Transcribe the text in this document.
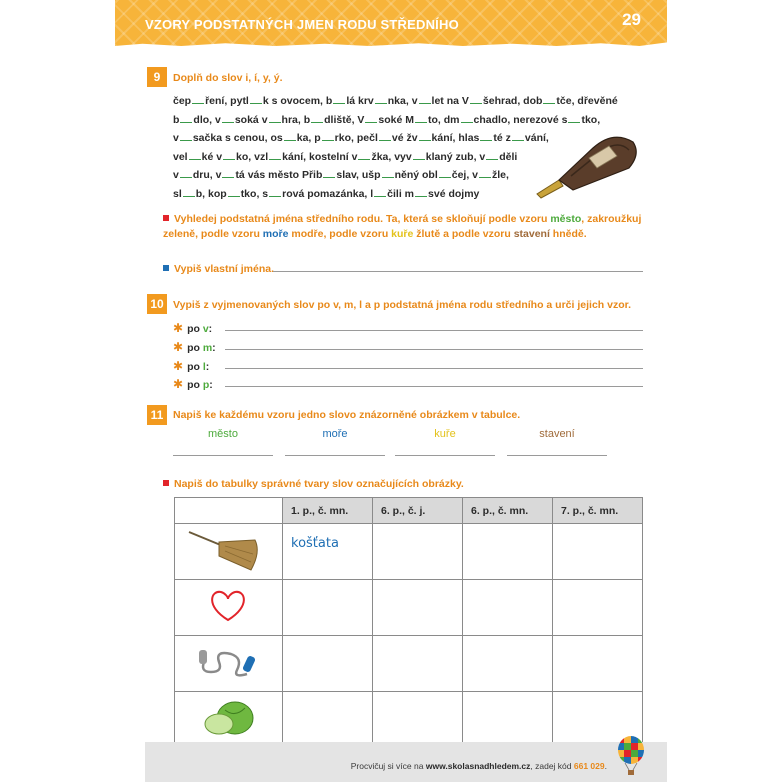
VZORY PODSTATNÝCH JMEN RODU STŘEDNÍHO	29
9	Doplň do slov i, í, y, ý.
čep ření, pytl k s ovocem, b lá krv nka, v let na V šehrad, dob tče, dřevěné
b dlo, v soká v hra, b dliště, V soké M to, dm chadlo, nerezové s tko,
v sačka s cenou, os ka, p rko, pečl vé žv kání, hlas té z vání,
vel ké v ko, vzl kání, kostelní v žka, vyv klaný zub, v děli
v dru, v tá vás město Přib slav, ušp něný obl čej, v žle,
sl b, kop tko, s rová pomazánka, l čili m své dojmy
Vyhledej podstatná jména středního rodu. Ta, která se skloňují podle vzoru město, zakroužkuj zeleně, podle vzoru moře modře, podle vzoru kuře žlutě a podle vzoru stavení hnědě.
Vypiš vlastní jména.
10 Vypiš z vyjmenovaných slov po v, m, l a p podstatná jména rodu středního a urči jejich vzor.
✱ po v:
✱ po m:
✱ po l:
✱ po p:
11 Napiš ke každému vzoru jedno slovo znázorněné obrázkem v tabulce.
město	moře	kuře	stavení
Napiš do tabulky správné tvary slov označujících obrázky.
	1. p., č. mn.	6. p., č. j.	6. p., č. mn.	7. p., č. mn.
	košťata			

Procvičuj si více na www.skolasnadhledem.cz, zadej kód 661 029.
